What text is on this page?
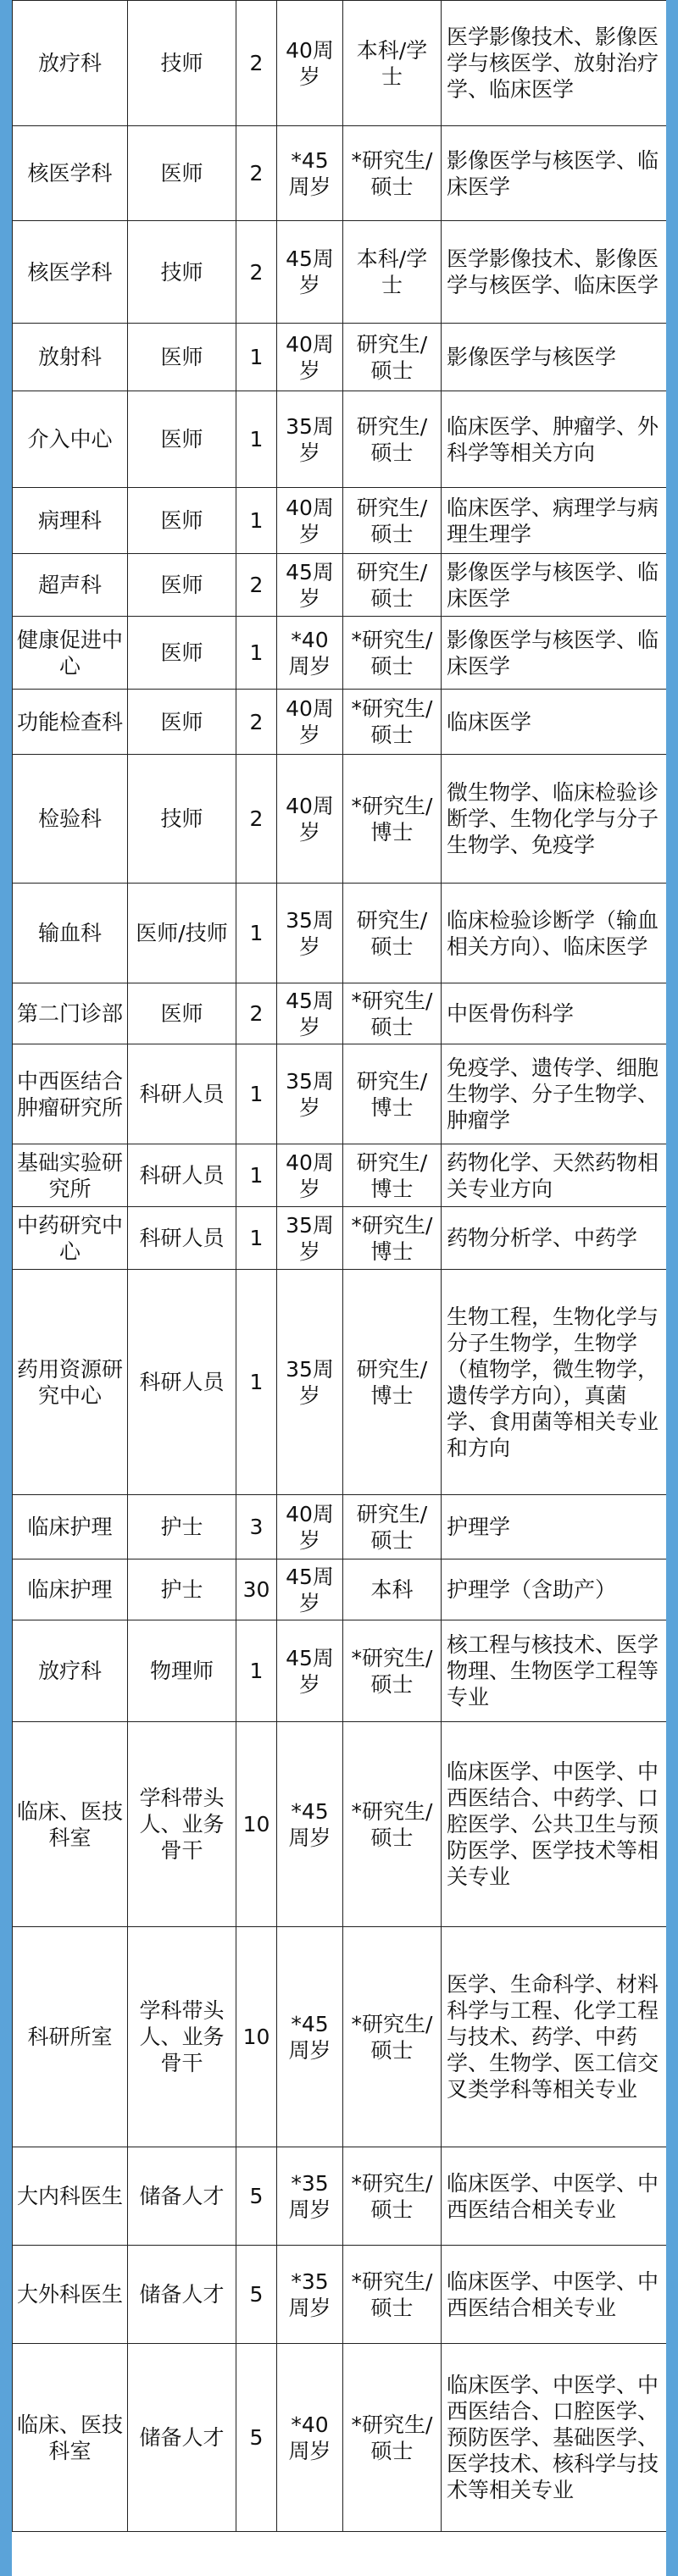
放疗科	技师	2	40周岁	本科/学士	医学影像技术、影像医学与核医学、放射治疗学、临床医学
核医学科	医师	2	*45周岁	*研究生/硕士	影像医学与核医学、临床医学
核医学科	技师	2	45周岁	本科/学士	医学影像技术、影像医学与核医学、临床医学
放射科	医师	1	40周岁	研究生/硕士	影像医学与核医学
介入中心	医师	1	35周岁	研究生/硕士	临床医学、肿瘤学、外科学等相关方向
病理科	医师	1	40周岁	研究生/硕士	临床医学、病理学与病理生理学
超声科	医师	2	45周岁	研究生/硕士	影像医学与核医学、临床医学
健康促进中心	医师	1	*40周岁	*研究生/硕士	影像医学与核医学、临床医学
功能检查科	医师	2	40周岁	*研究生/硕士	临床医学
检验科	技师	2	40周岁	*研究生/博士	微生物学、临床检验诊断学、生物化学与分子生物学、免疫学
输血科	医师/技师	1	35周岁	研究生/硕士	临床检验诊断学（输血相关方向）、临床医学
第二门诊部	医师	2	45周岁	*研究生/硕士	中医骨伤科学
中西医结合肿瘤研究所	科研人员	1	35周岁	研究生/博士	免疫学、遗传学、细胞生物学、分子生物学、肿瘤学
基础实验研究所	科研人员	1	40周岁	研究生/博士	药物化学、天然药物相关专业方向
中药研究中心	科研人员	1	35周岁	*研究生/博士	药物分析学、中药学
药用资源研究中心	科研人员	1	35周岁	研究生/博士	生物工程，生物化学与分子生物学，生物学（植物学，微生物学，遗传学方向），真菌学、食用菌等相关专业和方向
临床护理	护士	3	40周岁	研究生/硕士	护理学
临床护理	护士	30	45周岁	本科	护理学（含助产）
放疗科	物理师	1	45周岁	*研究生/硕士	核工程与核技术、医学物理、生物医学工程等专业
临床、医技科室	学科带头人、业务骨干	10	*45周岁	*研究生/硕士	临床医学、中医学、中西医结合、中药学、口腔医学、公共卫生与预防医学、医学技术等相关专业
科研所室	学科带头人、业务骨干	10	*45周岁	*研究生/硕士	医学、生命科学、材料科学与工程、化学工程与技术、药学、中药学、生物学、医工信交叉类学科等相关专业
大内科医生	储备人才	5	*35周岁	*研究生/硕士	临床医学、中医学、中西医结合相关专业
大外科医生	储备人才	5	*35周岁	*研究生/硕士	临床医学、中医学、中西医结合相关专业
临床、医技科室	储备人才	5	*40周岁	*研究生/硕士	临床医学、中医学、中西医结合、口腔医学、预防医学、基础医学、医学技术、核科学与技术等相关专业
